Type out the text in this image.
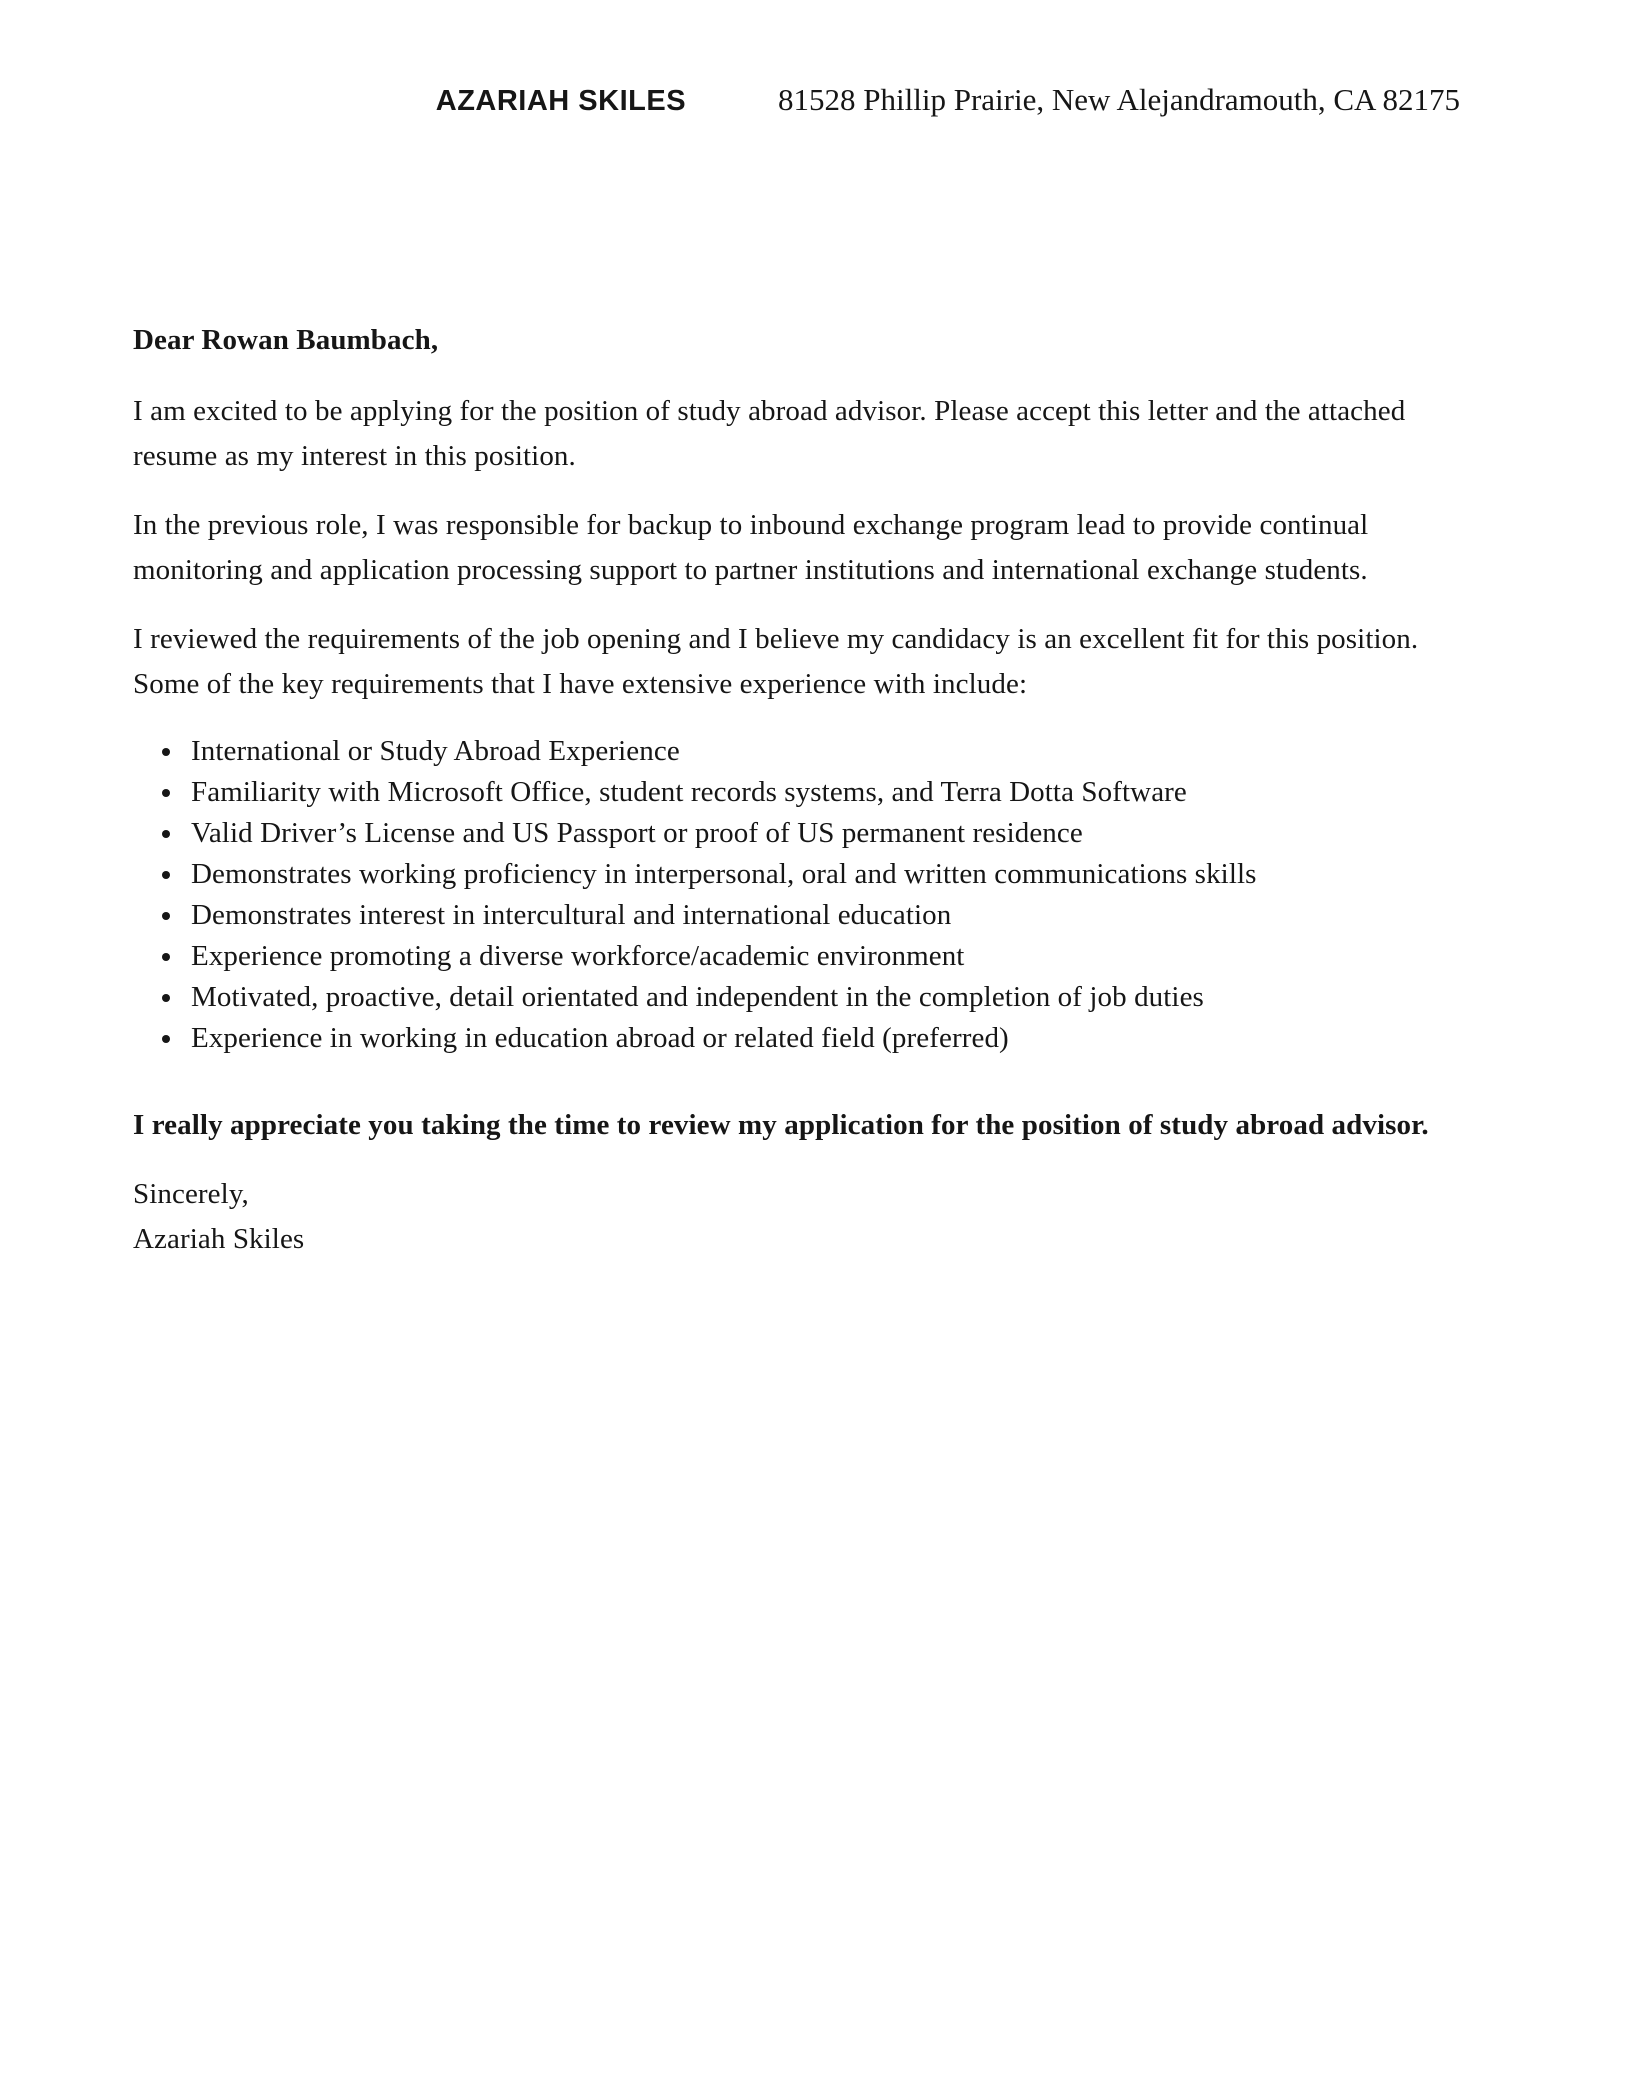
AZARIAH SKILES	81528 Phillip Prairie, New Alejandramouth, CA 82175

Dear Rowan Baumbach,

I am excited to be applying for the position of study abroad advisor. Please accept this letter and the attached resume as my interest in this position.

In the previous role, I was responsible for backup to inbound exchange program lead to provide continual monitoring and application processing support to partner institutions and international exchange students.

I reviewed the requirements of the job opening and I believe my candidacy is an excellent fit for this position. Some of the key requirements that I have extensive experience with include:

• International or Study Abroad Experience
• Familiarity with Microsoft Office, student records systems, and Terra Dotta Software
• Valid Driver’s License and US Passport or proof of US permanent residence
• Demonstrates working proficiency in interpersonal, oral and written communications skills
• Demonstrates interest in intercultural and international education
• Experience promoting a diverse workforce/academic environment
• Motivated, proactive, detail orientated and independent in the completion of job duties
• Experience in working in education abroad or related field (preferred)

I really appreciate you taking the time to review my application for the position of study abroad advisor.

Sincerely,
Azariah Skiles
